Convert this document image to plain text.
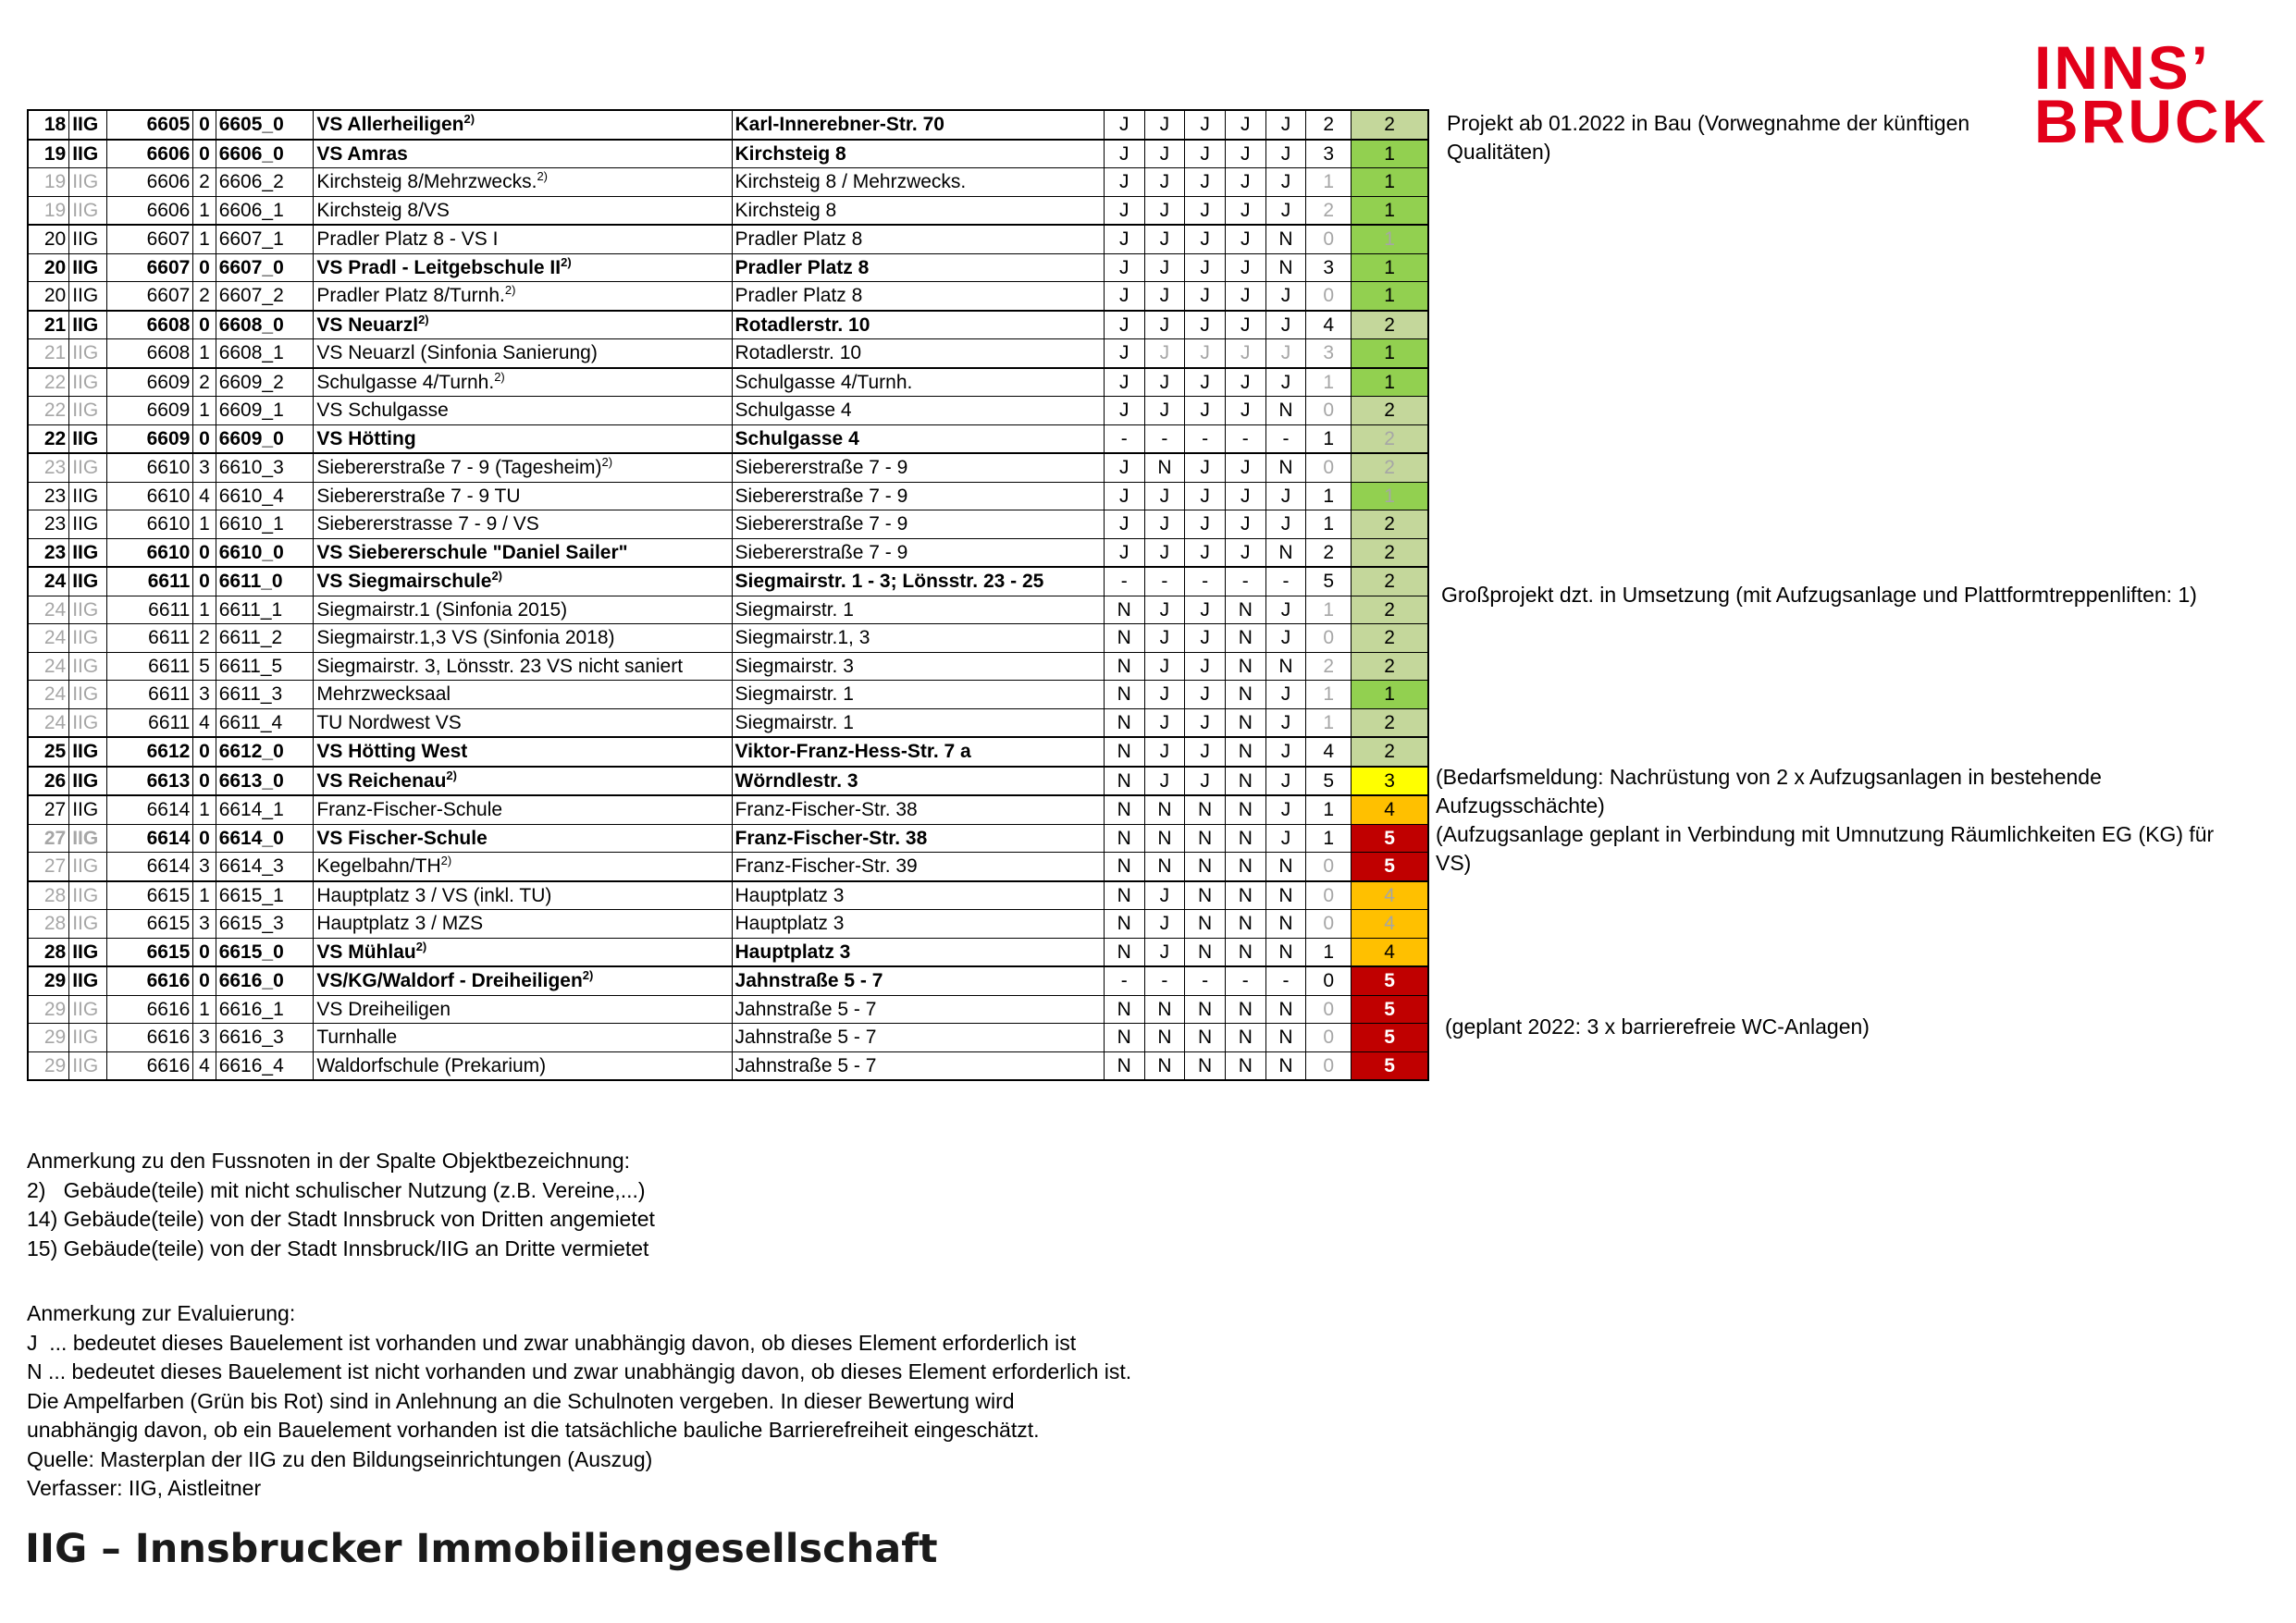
INNS’
BRUCK
18	IIG	6605	0	6605_0	VS Allerheiligen$^{2)}$	Karl-Innerebner-Str. 70	J	J	J	J	J	2	2
19	IIG	6606	0	6606_0	VS Amras	Kirchsteig 8	J	J	J	J	J	3	1
19	IIG	6606	2	6606_2	Kirchsteig 8/Mehrzwecks.$^{2)}$	Kirchsteig 8 / Mehrzwecks.	J	J	J	J	J	1	1
19	IIG	6606	1	6606_1	Kirchsteig 8/VS	Kirchsteig 8	J	J	J	J	J	2	1
20	IIG	6607	1	6607_1	Pradler Platz 8 - VS I	Pradler Platz 8	J	J	J	J	N	0	1
20	IIG	6607	0	6607_0	VS Pradl - Leitgebschule II$^{2)}$	Pradler Platz 8	J	J	J	J	N	3	1
20	IIG	6607	2	6607_2	Pradler Platz 8/Turnh.$^{2)}$	Pradler Platz 8	J	J	J	J	J	0	1
21	IIG	6608	0	6608_0	VS Neuarzl$^{2)}$	Rotadlerstr. 10	J	J	J	J	J	4	2
21	IIG	6608	1	6608_1	VS Neuarzl (Sinfonia Sanierung)	Rotadlerstr. 10	J	J	J	J	J	3	1
22	IIG	6609	2	6609_2	Schulgasse 4/Turnh.$^{2)}$	Schulgasse 4/Turnh.	J	J	J	J	J	1	1
22	IIG	6609	1	6609_1	VS Schulgasse	Schulgasse 4	J	J	J	J	N	0	2
22	IIG	6609	0	6609_0	VS Hötting	Schulgasse 4	-	-	-	-	-	1	2
23	IIG	6610	3	6610_3	Siebererstraße 7 - 9 (Tagesheim)$^{2)}$	Siebererstraße 7 - 9	J	N	J	J	N	0	2
23	IIG	6610	4	6610_4	Siebererstraße 7 - 9 TU	Siebererstraße 7 - 9	J	J	J	J	J	1	1
23	IIG	6610	1	6610_1	Siebererstrasse 7 - 9 / VS	Siebererstraße 7 - 9	J	J	J	J	J	1	2
23	IIG	6610	0	6610_0	VS Siebererschule "Daniel Sailer"	Siebererstraße 7 - 9	J	J	J	J	N	2	2
24	IIG	6611	0	6611_0	VS Siegmairschule$^{2)}$	Siegmairstr. 1 - 3; Lönsstr. 23 - 25	-	-	-	-	-	5	2
24	IIG	6611	1	6611_1	Siegmairstr.1 (Sinfonia 2015)	Siegmairstr. 1	N	J	J	N	J	1	2
24	IIG	6611	2	6611_2	Siegmairstr.1,3 VS (Sinfonia 2018)	Siegmairstr.1, 3	N	J	J	N	J	0	2
24	IIG	6611	5	6611_5	Siegmairstr. 3, Lönsstr. 23 VS nicht saniert	Siegmairstr. 3	N	J	J	N	N	2	2
24	IIG	6611	3	6611_3	Mehrzwecksaal	Siegmairstr. 1	N	J	J	N	J	1	1
24	IIG	6611	4	6611_4	TU Nordwest VS	Siegmairstr. 1	N	J	J	N	J	1	2
25	IIG	6612	0	6612_0	VS Hötting West	Viktor-Franz-Hess-Str. 7 a	N	J	J	N	J	4	2
26	IIG	6613	0	6613_0	VS Reichenau$^{2)}$	Wörndlestr. 3	N	J	J	N	J	5	3
27	IIG	6614	1	6614_1	Franz-Fischer-Schule	Franz-Fischer-Str. 38	N	N	N	N	J	1	4
27	IIG	6614	0	6614_0	VS Fischer-Schule	Franz-Fischer-Str. 38	N	N	N	N	J	1	5
27	IIG	6614	3	6614_3	Kegelbahn/TH$^{2)}$	Franz-Fischer-Str. 39	N	N	N	N	N	0	5
28	IIG	6615	1	6615_1	Hauptplatz 3 / VS (inkl. TU)	Hauptplatz 3	N	J	N	N	N	0	4
28	IIG	6615	3	6615_3	Hauptplatz 3 / MZS	Hauptplatz 3	N	J	N	N	N	0	4
28	IIG	6615	0	6615_0	VS Mühlau$^{2)}$	Hauptplatz 3	N	J	N	N	N	1	4
29	IIG	6616	0	6616_0	VS/KG/Waldorf - Dreiheiligen$^{2)}$	Jahnstraße 5 - 7	-	-	-	-	-	0	5
29	IIG	6616	1	6616_1	VS Dreiheiligen	Jahnstraße 5 - 7	N	N	N	N	N	0	5
29	IIG	6616	3	6616_3	Turnhalle	Jahnstraße 5 - 7	N	N	N	N	N	0	5
29	IIG	6616	4	6616_4	Waldorfschule (Prekarium)	Jahnstraße 5 - 7	N	N	N	N	N	0	5
Projekt ab 01.2022 in Bau (Vorwegnahme der künftigen
Qualitäten)
Großprojekt dzt. in Umsetzung (mit Aufzugsanlage und Plattformtreppenliften: 1)
(Bedarfsmeldung: Nachrüstung von 2 x Aufzugsanlagen in bestehende
Aufzugsschächte)
(Aufzugsanlage geplant in Verbindung mit Umnutzung Räumlichkeiten EG (KG) für
VS)
(geplant 2022: 3 x barrierefreie WC-Anlagen)
Anmerkung zu den Fussnoten in der Spalte Objektbezeichnung:
2)   Gebäude(teile) mit nicht schulischer Nutzung (z.B. Vereine,...)
14) Gebäude(teile) von der Stadt Innsbruck von Dritten angemietet
15) Gebäude(teile) von der Stadt Innsbruck/IIG an Dritte vermietet
Anmerkung zur Evaluierung:
J  ... bedeutet dieses Bauelement ist vorhanden und zwar unabhängig davon, ob dieses Element erforderlich ist
N ... bedeutet dieses Bauelement ist nicht vorhanden und zwar unabhängig davon, ob dieses Element erforderlich ist.
Die Ampelfarben (Grün bis Rot) sind in Anlehnung an die Schulnoten vergeben. In dieser Bewertung wird
unabhängig davon, ob ein Bauelement vorhanden ist die tatsächliche bauliche Barrierefreiheit eingeschätzt.
Quelle: Masterplan der IIG zu den Bildungseinrichtungen (Auszug)
Verfasser: IIG, Aistleitner
IIG – Innsbrucker Immobiliengesellschaft
